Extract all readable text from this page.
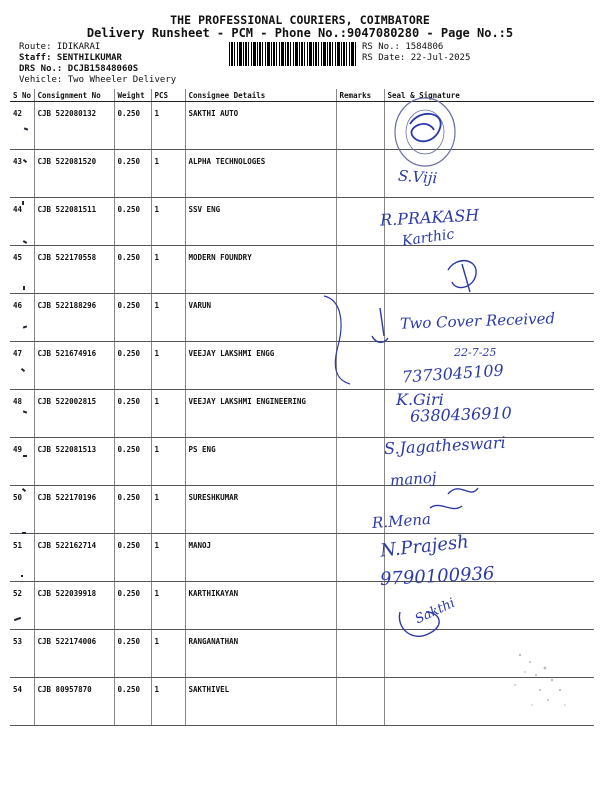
THE PROFESSIONAL COURIERS, COIMBATORE
Delivery Runsheet - PCM - Phone No.:9047080280 - Page No.:5
Route: IDIKARAI
Staff: SENTHILKUMAR
DRS No.: DCJB15848060S
Vehicle: Two Wheeler Delivery
RS No.: 1584806
RS Date: 22-Jul-2025
S No	Consignment No	Weight	PCS	Consignee Details	Remarks	Seal & Signature
42	CJB 522080132	0.250	1	SAKTHI AUTO		
43	CJB 522081520	0.250	1	ALPHA TECHNOLOGES		
44	CJB 522081511	0.250	1	SSV ENG		
45	CJB 522170558	0.250	1	MODERN FOUNDRY		
46	CJB 522188296	0.250	1	VARUN		
47	CJB 521674916	0.250	1	VEEJAY LAKSHMI ENGG		
48	CJB 522002815	0.250	1	VEEJAY LAKSHMI ENGINEERING		
49	CJB 522081513	0.250	1	PS ENG		
50	CJB 522170196	0.250	1	SURESHKUMAR		
51	CJB 522162714	0.250	1	MANOJ		
52	CJB 522039918	0.250	1	KARTHIKAYAN		
53	CJB 522174006	0.250	1	RANGANATHAN		
54	CJB 80957870	0.250	1	SAKTHIVEL		
S.Viji
R.PRAKASH
Karthic
Two Cover Received
22-7-25
7373045109
K.Giri
6380436910
S.Jagatheswari
manoj
R.Mena
N.Prajesh
9790100936
Sakthi
